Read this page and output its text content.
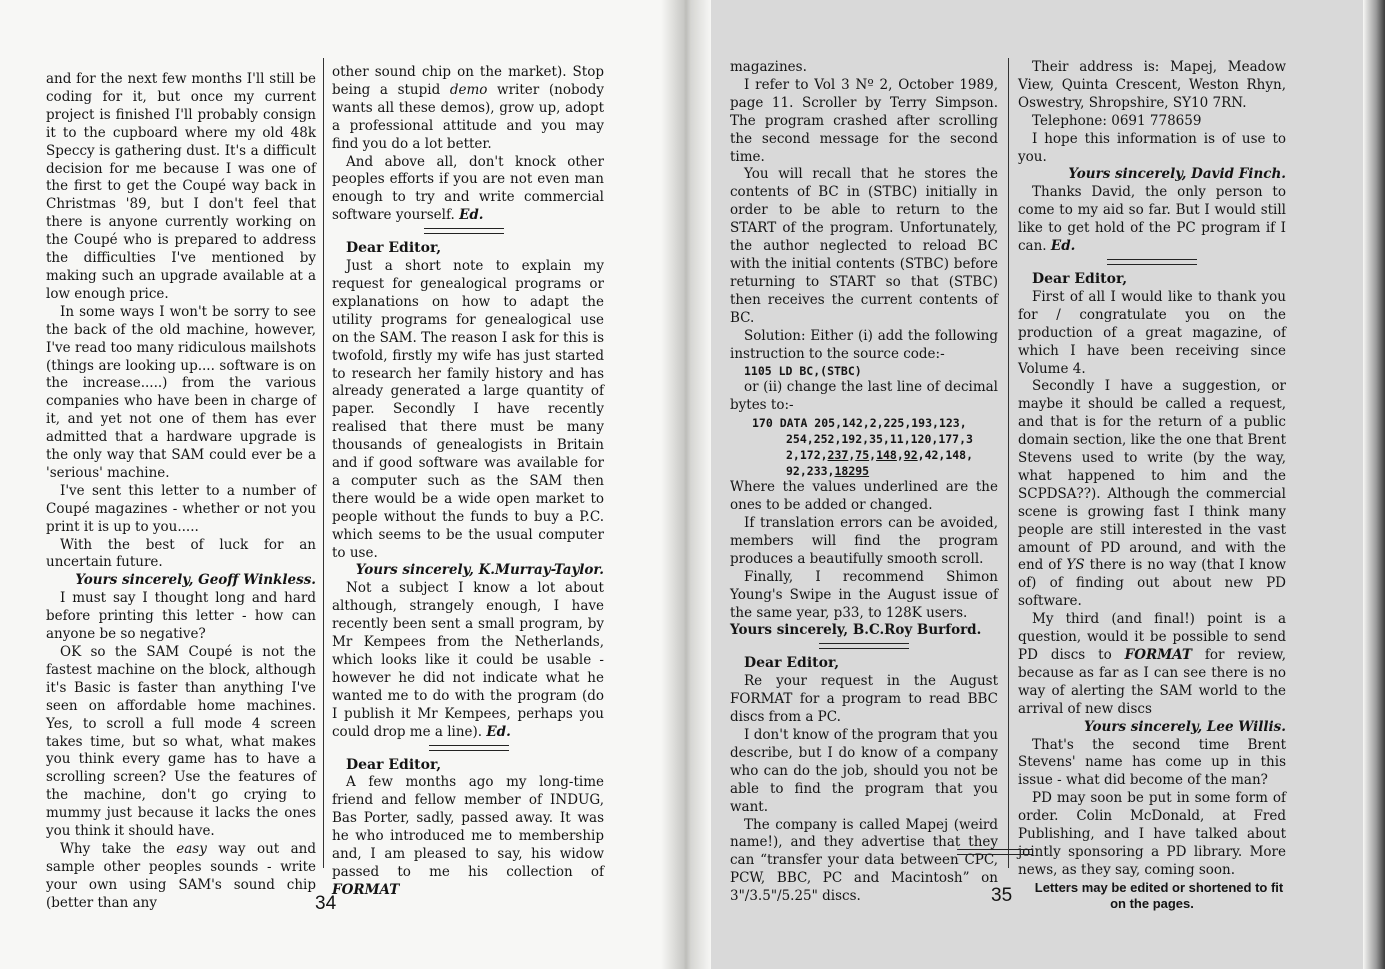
and for the next few months I'll still be coding for it, but once my current project is finished I'll probably consign it to the cupboard where my old 48k Speccy is gathering dust. It's a difficult decision for me because I was one of the first to get the Coupé way back in Christmas '89, but I don't feel that there is anyone currently working on the Coupé who is prepared to address the difficulties I've mentioned by making such an upgrade available at a low enough price.

In some ways I won't be sorry to see the back of the old machine, however, I've read too many ridiculous mailshots (things are looking up.... software is on the increase.....) from the various companies who have been in charge of it, and yet not one of them has ever admitted that a hardware upgrade is the only way that SAM could ever be a 'serious' machine.

I've sent this letter to a number of Coupé magazines - whether or not you print it is up to you.....

With the best of luck for an uncertain future.

Yours sincerely, Geoff Winkless.

I must say I thought long and hard before printing this letter - how can anyone be so negative?

OK so the SAM Coupé is not the fastest machine on the block, although it's Basic is faster than anything I've seen on affordable home machines. Yes, to scroll a full mode 4 screen takes time, but so what, what makes you think every game has to have a scrolling screen? Use the features of the machine, don't go crying to mummy just because it lacks the ones you think it should have.

Why take the easy way out and sample other peoples sounds - write your own using SAM's sound chip (better than any

other sound chip on the market). Stop being a stupid demo writer (nobody wants all these demos), grow up, adopt a professional attitude and you may find you do a lot better.

And above all, don't knock other peoples efforts if you are not even man enough to try and write commercial software yourself. Ed.

Dear Editor,

Just a short note to explain my request for genealogical programs or explanations on how to adapt the utility programs for genealogical use on the SAM. The reason I ask for this is twofold, firstly my wife has just started to research her family history and has already generated a large quantity of paper. Secondly I have recently realised that there must be many thousands of genealogists in Britain and if good software was available for a computer such as the SAM then there would be a wide open market to people without the funds to buy a P.C. which seems to be the usual computer to use.

Yours sincerely, K.Murray-Taylor.

Not a subject I know a lot about although, strangely enough, I have recently been sent a small program, by Mr Kempees from the Netherlands, which looks like it could be usable - however he did not indicate what he wanted me to do with the program (do I publish it Mr Kempees, perhaps you could drop me a line). Ed.

Dear Editor,

A few months ago my long-time friend and fellow member of INDUG, Bas Porter, sadly, passed away. It was he who introduced me to membership and, I am pleased to say, his widow passed to me his collection of FORMAT

34

magazines.

I refer to Vol 3 Nº 2, October 1989, page 11. Scroller by Terry Simpson. The program crashed after scrolling the second message for the second time.

You will recall that he stores the contents of BC in (STBC) initially in order to be able to return to the START of the program. Unfortunately, the author neglected to reload BC with the initial contents (STBC) before returning to START so that (STBC) then receives the current contents of BC.

Solution: Either (i) add the following instruction to the source code:-

1105 LD BC,(STBC)

or (ii) change the last line of decimal bytes to:-

170 DATA 205,142,2,225,193,123,

254,252,192,35,11,120,177,3

2,172,237,75,148,92,42,148,

92,233,18295

Where the values underlined are the ones to be added or changed.

If translation errors can be avoided, members will find the program produces a beautifully smooth scroll.

Finally, I recommend Shimon Young's Swipe in the August issue of the same year, p33, to 128K users.

Yours sincerely, B.C.Roy Burford.

Dear Editor,

Re your request in the August FORMAT for a program to read BBC discs from a PC.

I don't know of the program that you describe, but I do know of a company who can do the job, should you not be able to find the program that you want.

The company is called Mapej (weird name!), and they advertise that they can “transfer your data between CPC, PCW, BBC, PC and Macintosh” on 3"/3.5"/5.25" discs.

Their address is: Mapej, Meadow View, Quinta Crescent, Weston Rhyn, Oswestry, Shropshire, SY10 7RN.

Telephone: 0691 778659

I hope this information is of use to you.

Yours sincerely, David Finch.

Thanks David, the only person to come to my aid so far. But I would still like to get hold of the PC program if I can. Ed.

Dear Editor,

First of all I would like to thank you for / congratulate you on the production of a great magazine, of which I have been receiving since Volume 4.

Secondly I have a suggestion, or maybe it should be called a request, and that is for the return of a public domain section, like the one that Brent Stevens used to write (by the way, what happened to him and the SCPDSA??). Although the commercial scene is growing fast I think many people are still interested in the vast amount of PD around, and with the end of YS there is no way (that I know of) of finding out about new PD software.

My third (and final!) point is a question, would it be possible to send PD discs to FORMAT for review, because as far as I can see there is no way of alerting the SAM world to the arrival of new discs

Yours sincerely, Lee Willis.

That's the second time Brent Stevens' name has come up in this issue - what did become of the man?

PD may soon be put in some form of order. Colin McDonald, at Fred Publishing, and I have talked about jointly sponsoring a PD library. More news, as they say, coming soon.

Letters may be edited or shortened to fit on the pages.

35
